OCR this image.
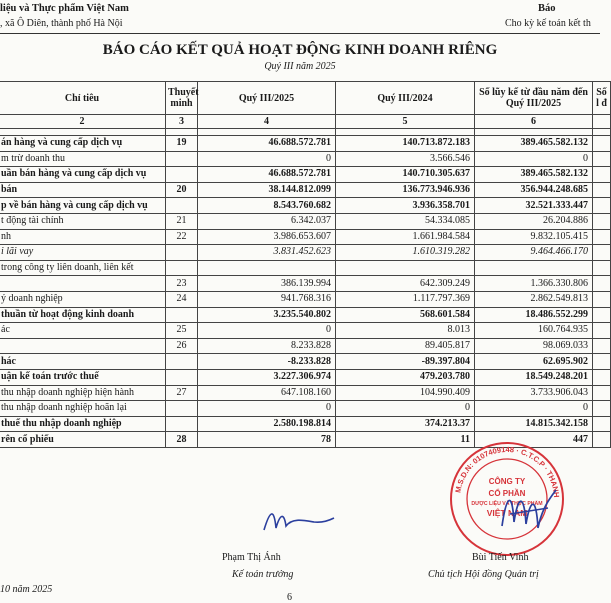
liệu và Thực phẩm Việt Nam
, xã Ô Diên, thành phố Hà Nội
Báo
Cho kỳ kế toán kết th
BÁO CÁO KẾT QUẢ HOẠT ĐỘNG KINH DOANH RIÊNG
Quý III năm 2025
Chỉ tiêu	Thuyết minh	Quý III/2025	Quý III/2024	Số lũy kế từ đầu năm đến Quý III/2025	Số l đ
2	3	4	5	6	

án hàng và cung cấp dịch vụ	19	46.688.572.781	140.713.872.183	389.465.582.132	
m trừ doanh thu		0	3.566.546	0	
uần bán hàng và cung cấp dịch vụ		46.688.572.781	140.710.305.637	389.465.582.132	
bán	20	38.144.812.099	136.773.946.936	356.944.248.685	
p về bán hàng và cung cấp dịch vụ		8.543.760.682	3.936.358.701	32.521.333.447	
t động tài chính	21	6.342.037	54.334.085	26.204.886	
nh	22	3.986.653.607	1.661.984.584	9.832.105.415	
i lãi vay		3.831.452.623	1.610.319.282	9.464.466.170	
trong công ty liên doanh, liên kết					
	23	386.139.994	642.309.249	1.366.330.806	
ý doanh nghiệp	24	941.768.316	1.117.797.369	2.862.549.813	
thuần từ hoạt động kinh doanh		3.235.540.802	568.601.584	18.486.552.299	
ác	25	0	8.013	160.764.935	
	26	8.233.828	89.405.817	98.069.033	
hác		-8.233.828	-89.397.804	62.695.902	
uận kế toán trước thuế		3.227.306.974	479.203.780	18.549.248.201	
thu nhập doanh nghiệp hiện hành	27	647.108.160	104.990.409	3.733.906.043	
thu nhập doanh nghiệp hoãn lại		0	0	0	
thuế thu nhập doanh nghiệp		2.580.198.814	374.213.37	14.815.342.158	
rên cổ phiếu	28	78	11	447	
M.S.D.N: 0107409148 · C.T.C.P · THANH
CÔNG TY
CỔ PHẦN
DƯỢC LIỆU VÀ THỰC PHẨM
VIỆT NAM
Phạm Thị Ánh
Kế toán trưởng
Bùi Tiến Vinh
Chủ tịch Hội đồng Quản trị
10 năm 2025
6
